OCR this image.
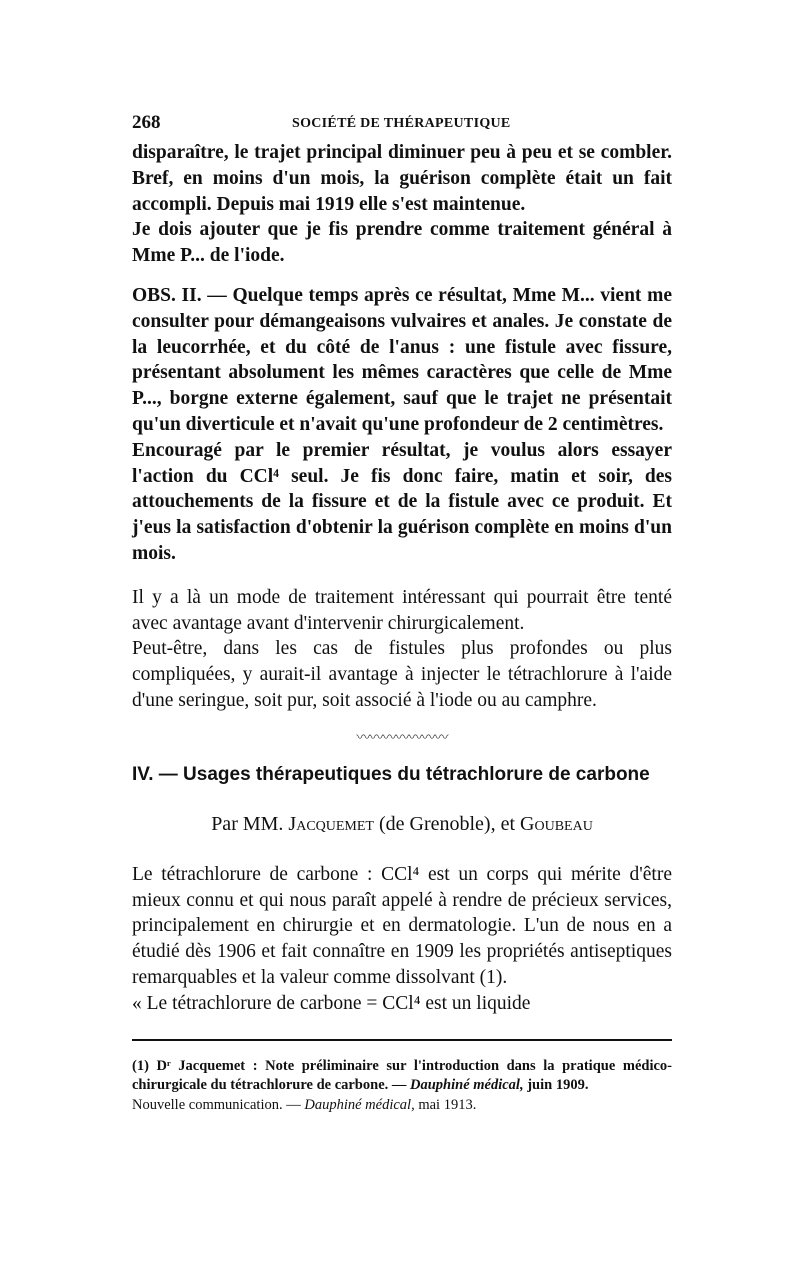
268	SOCIÉTÉ DE THÉRAPEUTIQUE

disparaître, le trajet principal diminuer peu à peu et se combler. Bref, en moins d'un mois, la guérison complète était un fait accompli. Depuis mai 1919 elle s'est maintenue.

Je dois ajouter que je fis prendre comme traitement général à Mme P... de l'iode.

OBS. II. — Quelque temps après ce résultat, Mme M... vient me consulter pour démangeaisons vulvaires et anales. Je constate de la leucorrhée, et du côté de l'anus : une fistule avec fissure, présentant absolument les mêmes caractères que celle de Mme P..., borgne externe également, sauf que le trajet ne présentait qu'un diverticule et n'avait qu'une profondeur de 2 centimètres.

Encouragé par le premier résultat, je voulus alors essayer l'action du CCl⁴ seul. Je fis donc faire, matin et soir, des attouchements de la fissure et de la fistule avec ce produit. Et j'eus la satisfaction d'obtenir la guérison complète en moins d'un mois.

Il y a là un mode de traitement intéressant qui pourrait être tenté avec avantage avant d'intervenir chirurgicalement.

Peut-être, dans les cas de fistules plus profondes ou plus compliquées, y aurait-il avantage à injecter le tétrachlorure à l'aide d'une seringue, soit pur, soit associé à l'iode ou au camphre.

〰〰〰〰〰〰〰
IV. — Usages thérapeutiques du tétrachlorure de carbone
Par MM. Jacquemet (de Grenoble), et Goubeau

Le tétrachlorure de carbone : CCl⁴ est un corps qui mérite d'être mieux connu et qui nous paraît appelé à rendre de précieux services, principalement en chirurgie et en dermatologie. L'un de nous en a étudié dès 1906 et fait connaître en 1909 les propriétés antiseptiques remarquables et la valeur comme dissolvant (1).

« Le tétrachlorure de carbone = CCl⁴ est un liquide

(1) Dʳ Jacquemet : Note préliminaire sur l'introduction dans la pratique médico-chirurgicale du tétrachlorure de carbone. — Dauphiné médical, juin 1909.

Nouvelle communication. — Dauphiné médical, mai 1913.
